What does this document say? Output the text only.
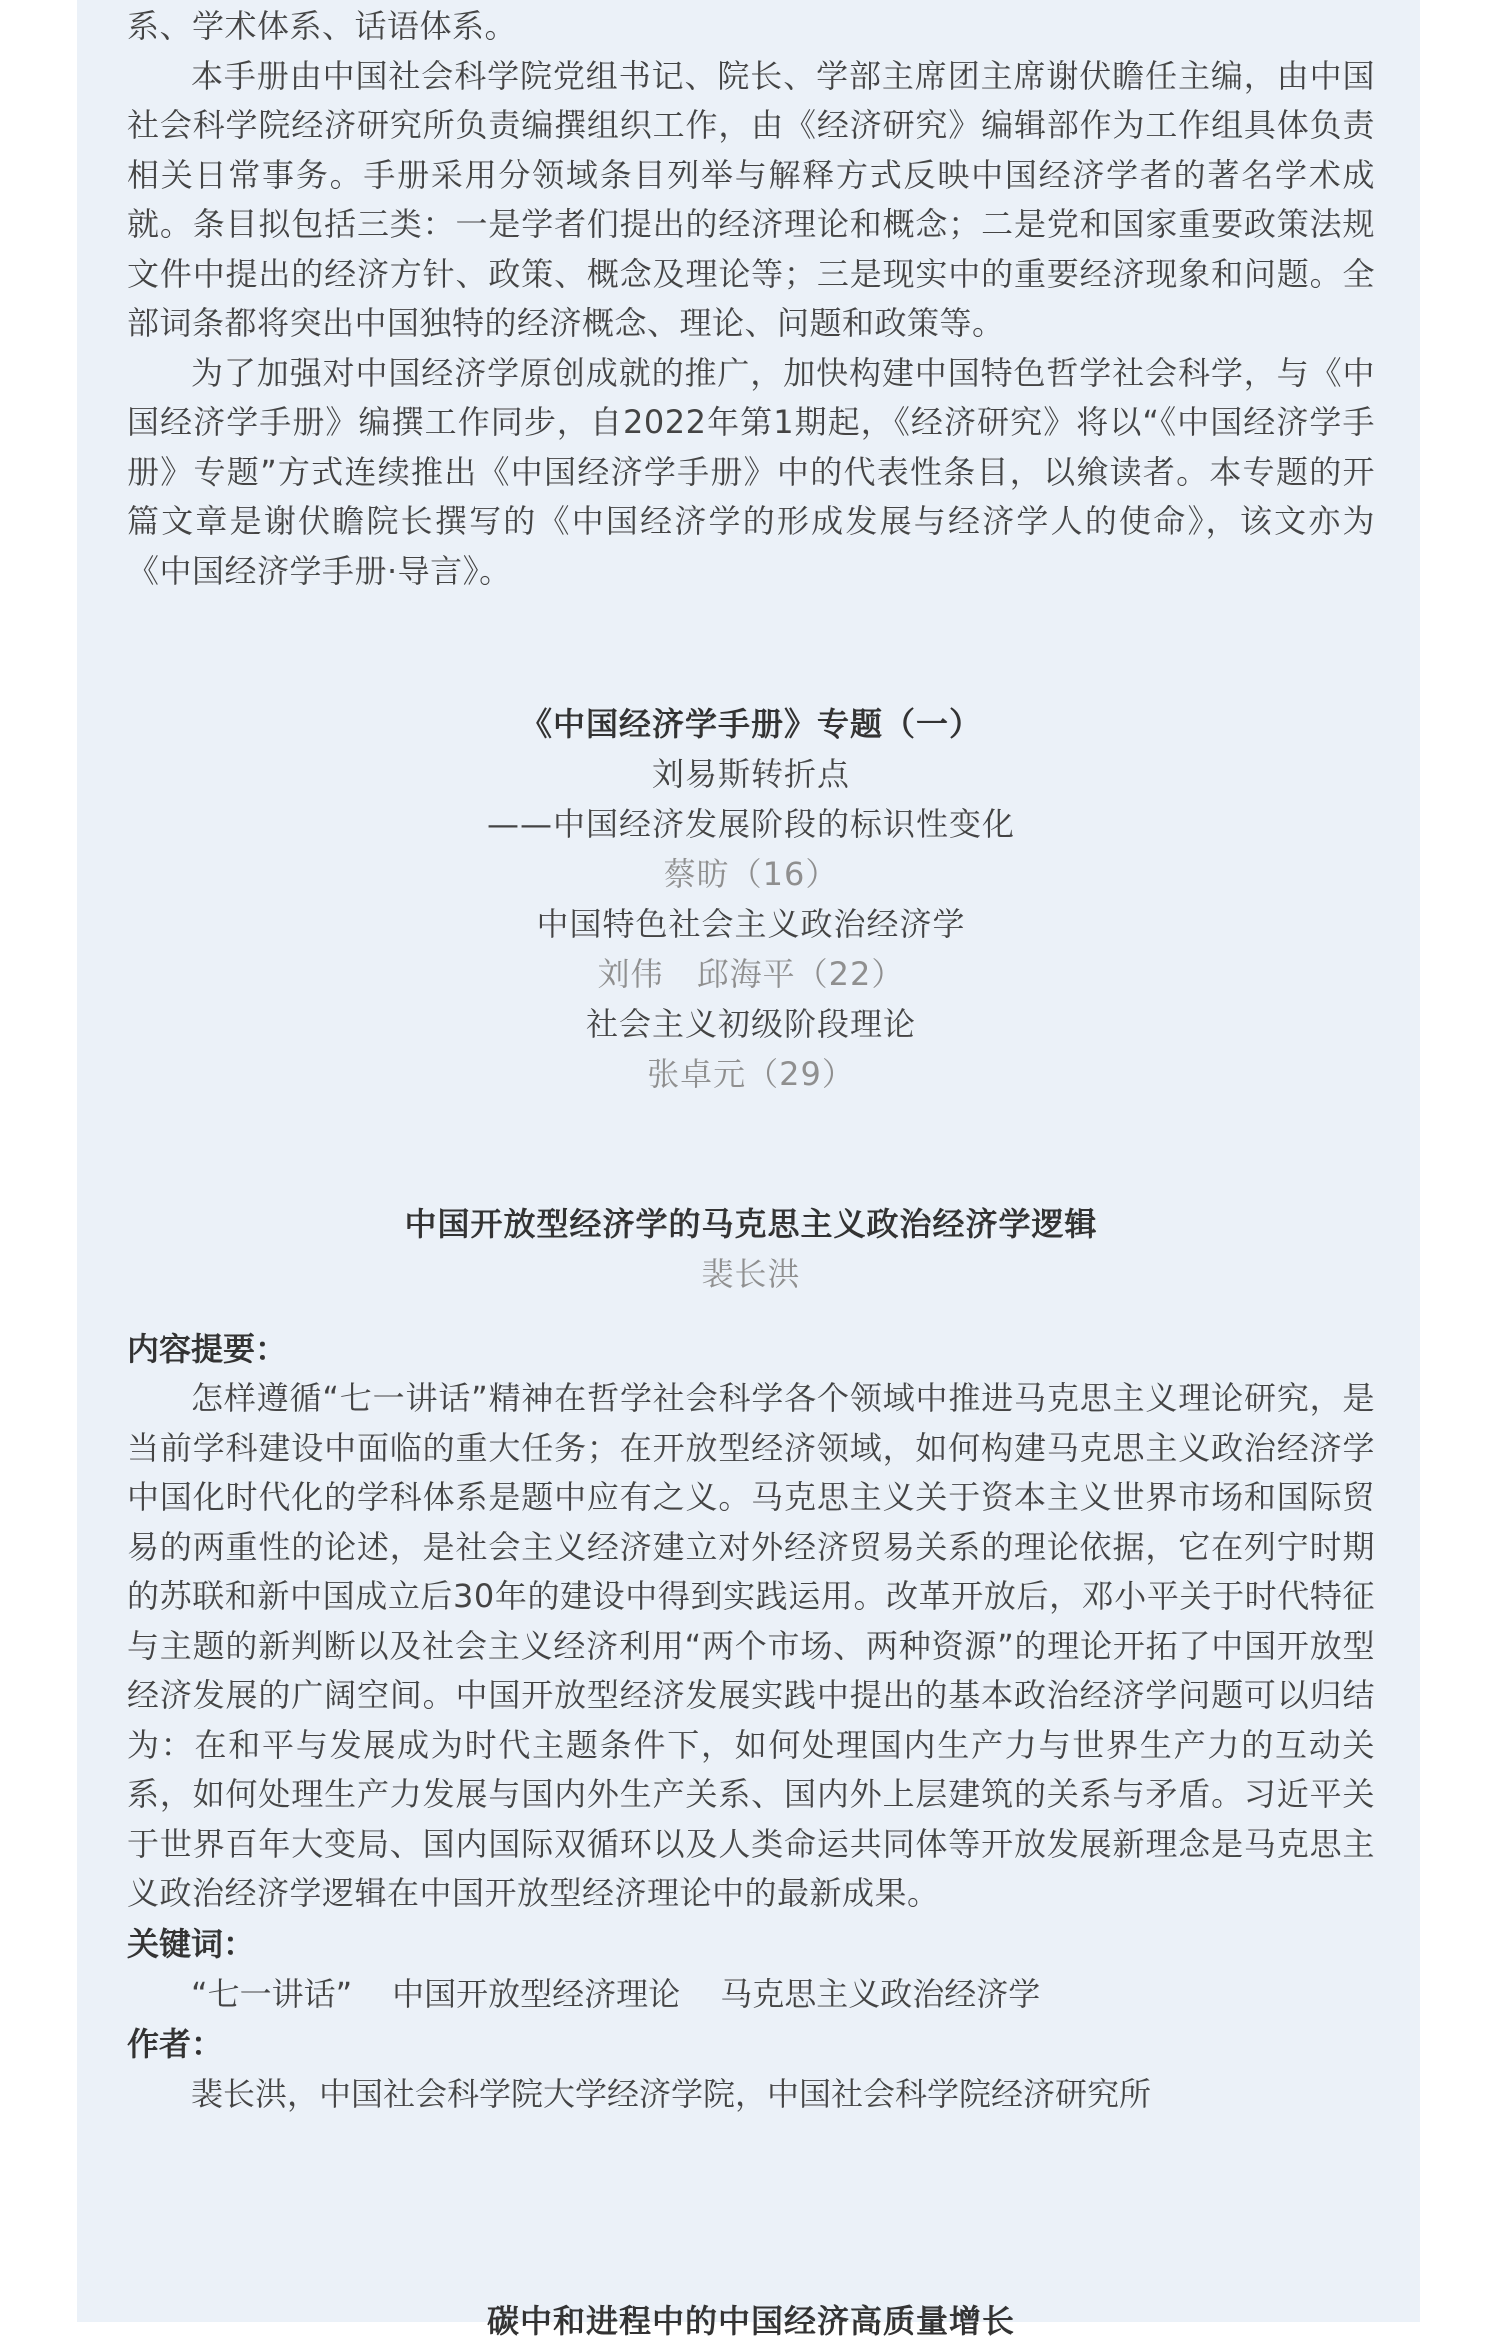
系、学术体系、话语体系。

本手册由中国社会科学院党组书记、院长、学部主席团主席谢伏瞻任主编，由中国社会科学院经济研究所负责编撰组织工作，由《经济研究》编辑部作为工作组具体负责相关日常事务。手册采用分领域条目列举与解释方式反映中国经济学者的著名学术成就。条目拟包括三类：一是学者们提出的经济理论和概念；二是党和国家重要政策法规文件中提出的经济方针、政策、概念及理论等；三是现实中的重要经济现象和问题。全部词条都将突出中国独特的经济概念、理论、问题和政策等。

为了加强对中国经济学原创成就的推广，加快构建中国特色哲学社会科学，与《中国经济学手册》编撰工作同步，自2022年第1期起，《经济研究》将以“《中国经济学手册》专题”方式连续推出《中国经济学手册》中的代表性条目，以飨读者。本专题的开篇文章是谢伏瞻院长撰写的《中国经济学的形成发展与经济学人的使命》，该文亦为《中国经济学手册·导言》。

《中国经济学手册》专题（一）
刘易斯转折点
——中国经济发展阶段的标识性变化
蔡昉（16）
中国特色社会主义政治经济学
刘伟　邱海平（22）
社会主义初级阶段理论
张卓元（29）
中国开放型经济学的马克思主义政治经济学逻辑
裴长洪

内容提要：

怎样遵循“七一讲话”精神在哲学社会科学各个领域中推进马克思主义理论研究，是当前学科建设中面临的重大任务；在开放型经济领域，如何构建马克思主义政治经济学中国化时代化的学科体系是题中应有之义。马克思主义关于资本主义世界市场和国际贸易的两重性的论述，是社会主义经济建立对外经济贸易关系的理论依据，它在列宁时期的苏联和新中国成立后30年的建设中得到实践运用。改革开放后，邓小平关于时代特征与主题的新判断以及社会主义经济利用“两个市场、两种资源”的理论开拓了中国开放型经济发展的广阔空间。中国开放型经济发展实践中提出的基本政治经济学问题可以归结为：在和平与发展成为时代主题条件下，如何处理国内生产力与世界生产力的互动关系，如何处理生产力发展与国内外生产关系、国内外上层建筑的关系与矛盾。习近平关于世界百年大变局、国内国际双循环以及人类命运共同体等开放发展新理念是马克思主义政治经济学逻辑在中国开放型经济理论中的最新成果。

关键词：

“七一讲话” 中国开放型经济理论 马克思主义政治经济学

作者：

裴长洪，中国社会科学院大学经济学院，中国社会科学院经济研究所

碳中和进程中的中国经济高质量增长
